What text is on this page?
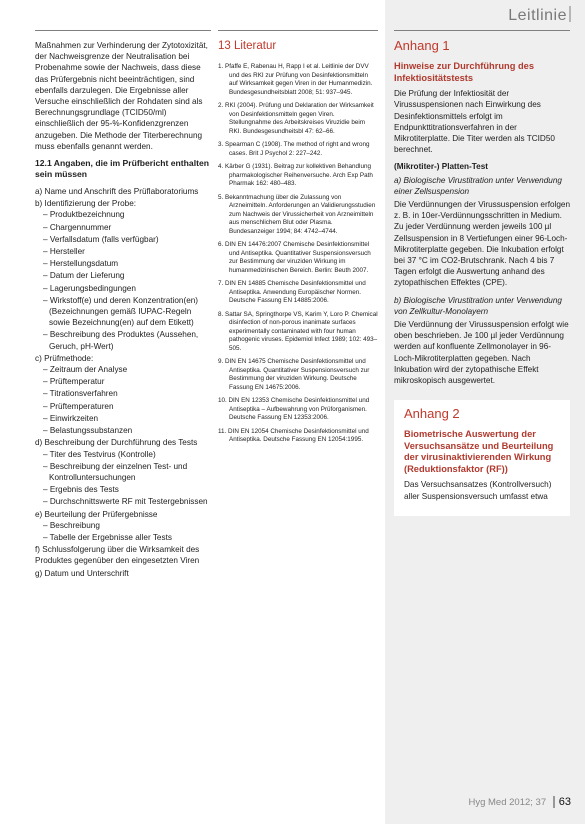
Leitlinie

Maßnahmen zur Verhinderung der Zytotoxizität, der Nachweisgrenze der Neutralisation bei Probenahme sowie der Nachweis, dass diese das Prüfergebnis nicht beeinträchtigen, sind ebenfalls darzulegen. Die Ergebnisse aller Versuche einschließlich der Rohdaten sind als Berechnungsgrundlage (TCID50/ml) einschließlich der 95-%-Konfidenzgrenzen anzugeben. Die Methode der Titerberechnung muss ebenfalls genannt werden.

12.1 Angaben, die im Prüfbericht enthalten sein müssen
a) Name und Anschrift des Prüflaboratoriums
b) Identifizierung der Probe:
– Produktbezeichnung
– Chargennummer
– Verfallsdatum (falls verfügbar)
– Hersteller
– Herstellungsdatum
– Datum der Lieferung
– Lagerungsbedingungen
– Wirkstoff(e) und deren Konzentration(en) (Bezeichnungen gemäß IUPAC-Regeln sowie Bezeichnung(en) auf dem Etikett)
– Beschreibung des Produktes (Aussehen, Geruch, pH-Wert)
c) Prüfmethode:
– Zeitraum der Analyse
– Prüftemperatur
– Titrationsverfahren
– Prüftemperaturen
– Einwirkzeiten
– Belastungssubstanzen
d) Beschreibung der Durchführung des Tests
– Titer des Testvirus (Kontrolle)
– Beschreibung der einzelnen Test- und Kontrolluntersuchungen
– Ergebnis des Tests
– Durchschnittswerte RF mit Testergebnissen
e) Beurteilung der Prüfergebnisse
– Beschreibung
– Tabelle der Ergebnisse aller Tests
f) Schlussfolgerung über die Wirksamkeit des Produktes gegenüber den eingesetzten Viren
g) Datum und Unterschrift
13 Literatur
1. Pfaffe E, Rabenau H, Rapp I et al. Leitlinie der DVV und des RKI zur Prüfung von Desinfektionsmitteln auf Wirksamkeit gegen Viren in der Humanmedizin. Bundesgesundheitsblatt 2008; 51: 937–945.
2. RKI (2004). Prüfung und Deklaration der Wirksamkeit von Desinfektionsmitteln gegen Viren. Stellungnahme des Arbeitskreises Viruzidie beim RKI. Bundesgesundheitsbl 47: 62–66.
3. Spearman C (1908). The method of right and wrong cases. Brit J Psychol 2: 227–242.
4. Kärber G (1931). Beitrag zur kollektiven Behandlung pharmakologischer Reihenversuche. Arch Exp Path Pharmak 162: 480–483.
5. Bekanntmachung über die Zulassung von Arzneimitteln. Anforderungen an Validierungsstudien zum Nachweis der Virussicherheit von Arzneimitteln aus menschlichem Blut oder Plasma. Bundesanzeiger 1994; 84: 4742–4744.
6. DIN EN 14476:2007 Chemische Desinfektionsmittel und Antiseptika. Quantitativer Suspensionsversuch zur Bestimmung der viruziden Wirkung im humanmedizinischen Bereich. Berlin: Beuth 2007.
7. DIN EN 14885 Chemische Desinfektionsmittel und Antiseptika. Anwendung Europäischer Normen. Deutsche Fassung EN 14885:2006.
8. Sattar SA, Springthorpe VS, Karim Y, Loro P. Chemical disinfection of non-porous inanimate surfaces experimentally contaminated with four human pathogenic viruses. Epidemiol Infect 1989; 102: 493–505.
9. DIN EN 14675 Chemische Desinfektionsmittel und Antiseptika. Quantitativer Suspensionsversuch zur Bestimmung der viruziden Wirkung. Deutsche Fassung EN 14675:2006.
10. DIN EN 12353 Chemische Desinfektionsmittel und Antiseptika – Aufbewahrung von Prüforganismen. Deutsche Fassung EN 12353:2006.
11. DIN EN 12054 Chemische Desinfektionsmittel und Antiseptika. Deutsche Fassung EN 12054:1995.
Anhang 1
Hinweise zur Durchführung des Infektiositätstests

Die Prüfung der Infektiosität der Virussuspensionen nach Einwirkung des Desinfektionsmittels erfolgt im Endpunkttitrationsverfahren in der Mikrotiterplatte. Die Titer werden als TCID50 berechnet.

(Mikrotiter-) Platten-Test

a) Biologische Virustitration unter Verwendung einer Zellsuspension

Die Verdünnungen der Virussuspension erfolgen z. B. in 10er-Verdünnungsschritten in Medium. Zu jeder Verdünnung werden jeweils 100 µl Zellsuspension in 8 Vertiefungen einer 96-Loch-Mikrotiterplatte gegeben. Die Inkubation erfolgt bei 37 °C im CO2-Brutschrank. Nach 4 bis 7 Tagen erfolgt die Auswertung anhand des zytopathischen Effektes (CPE).

b) Biologische Virustitration unter Verwendung von Zellkultur-Monolayern

Die Verdünnung der Virussuspension erfolgt wie oben beschrieben. Je 100 µl jeder Verdünnung werden auf konfluente Zellmonolayer in 96-Loch-Mikrotiterplatten gegeben. Nach Inkubation wird der zytopathische Effekt mikroskopisch ausgewertet.

Anhang 2
Biometrische Auswertung der Versuchsansätze und Beurteilung der virusinaktivierenden Wirkung (Reduktionsfaktor (RF))

Das Versuchsansatzes (Kontrollversuch) aller Suspensionsversuch umfasst etwa

Hyg Med 2012; 37 63
